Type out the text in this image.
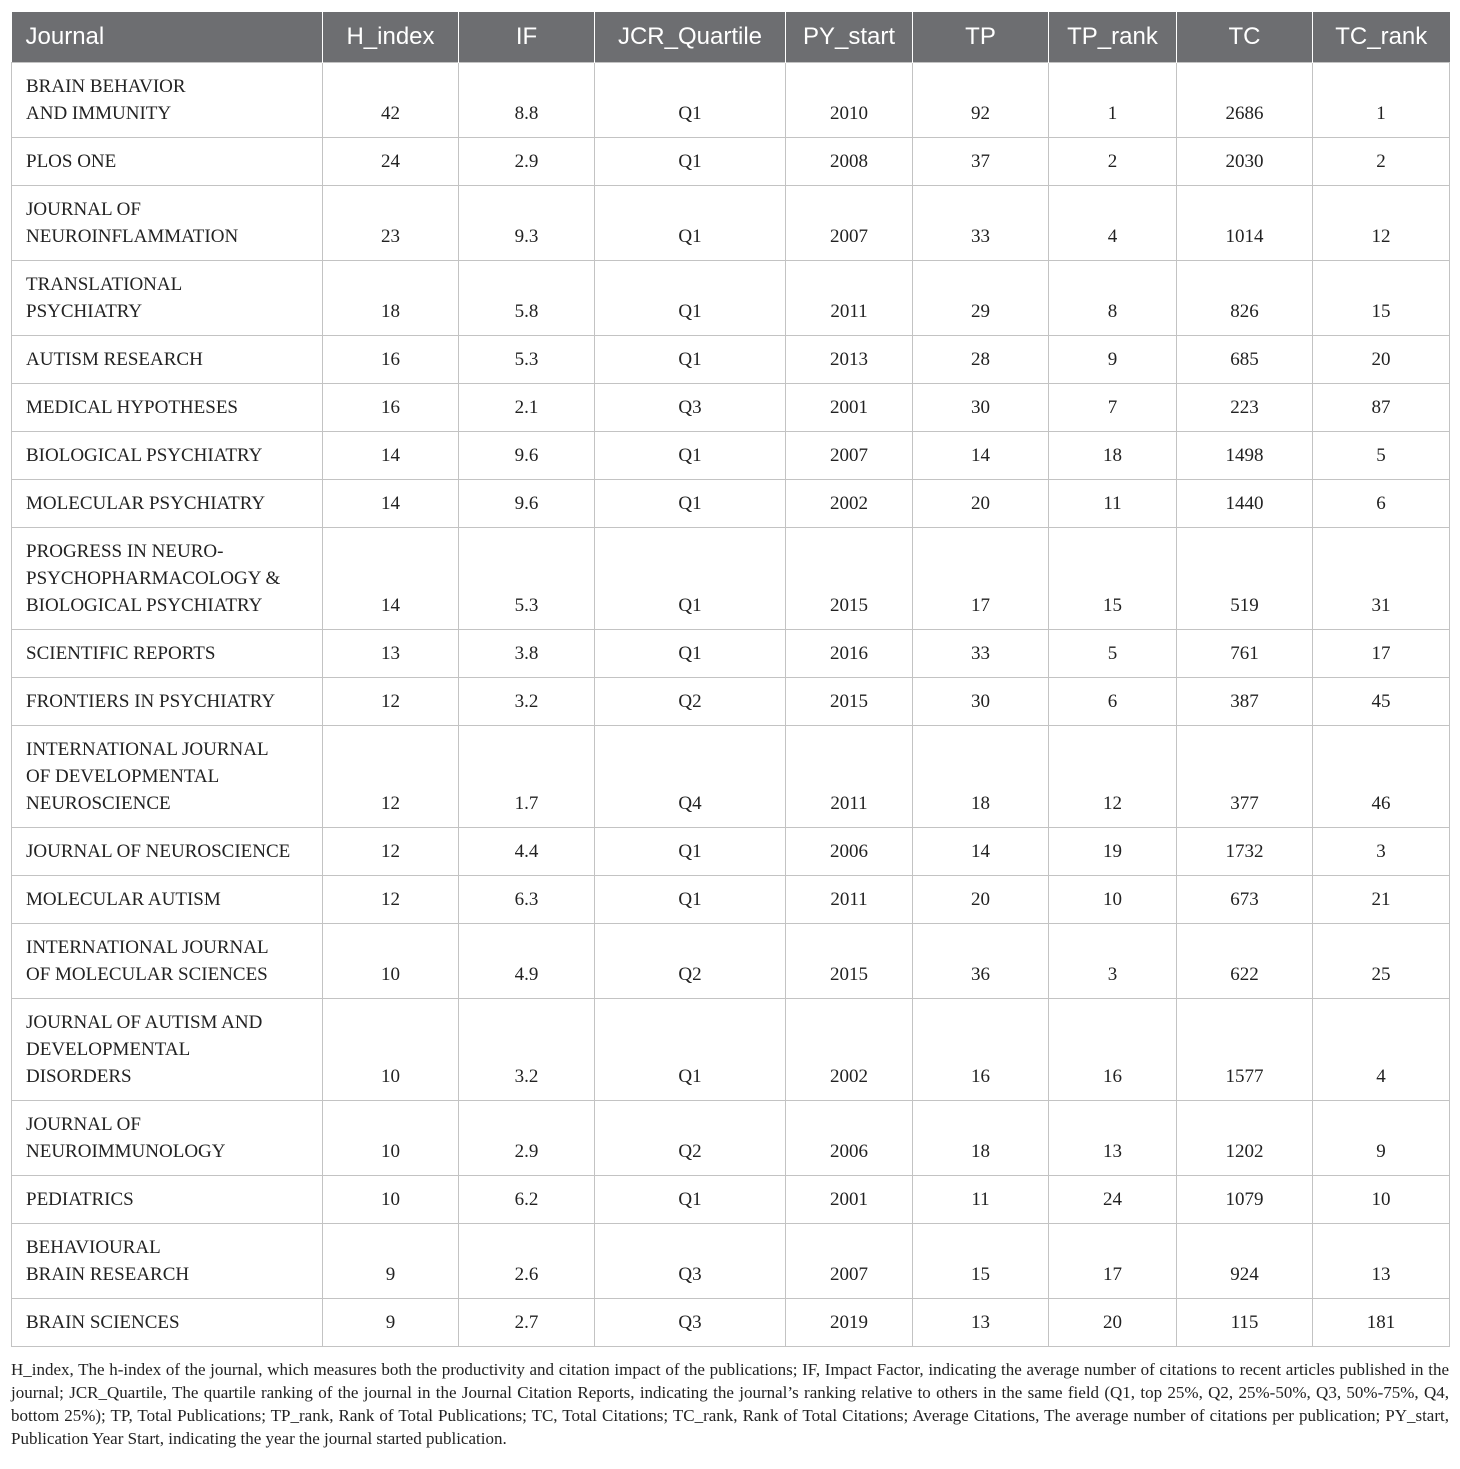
Journal	H_index	IF	JCR_Quartile	PY_start	TP	TP_rank	TC	TC_rank
BRAIN BEHAVIOR
AND IMMUNITY	42	8.8	Q1	2010	92	1	2686	1
PLOS ONE	24	2.9	Q1	2008	37	2	2030	2
JOURNAL OF
NEUROINFLAMMATION	23	9.3	Q1	2007	33	4	1014	12
TRANSLATIONAL
PSYCHIATRY	18	5.8	Q1	2011	29	8	826	15
AUTISM RESEARCH	16	5.3	Q1	2013	28	9	685	20
MEDICAL HYPOTHESES	16	2.1	Q3	2001	30	7	223	87
BIOLOGICAL PSYCHIATRY	14	9.6	Q1	2007	14	18	1498	5
MOLECULAR PSYCHIATRY	14	9.6	Q1	2002	20	11	1440	6
PROGRESS IN NEURO-
PSYCHOPHARMACOLOGY &
BIOLOGICAL PSYCHIATRY	14	5.3	Q1	2015	17	15	519	31
SCIENTIFIC REPORTS	13	3.8	Q1	2016	33	5	761	17
FRONTIERS IN PSYCHIATRY	12	3.2	Q2	2015	30	6	387	45
INTERNATIONAL JOURNAL
OF DEVELOPMENTAL
NEUROSCIENCE	12	1.7	Q4	2011	18	12	377	46
JOURNAL OF NEUROSCIENCE	12	4.4	Q1	2006	14	19	1732	3
MOLECULAR AUTISM	12	6.3	Q1	2011	20	10	673	21
INTERNATIONAL JOURNAL
OF MOLECULAR SCIENCES	10	4.9	Q2	2015	36	3	622	25
JOURNAL OF AUTISM AND
DEVELOPMENTAL
DISORDERS	10	3.2	Q1	2002	16	16	1577	4
JOURNAL OF
NEUROIMMUNOLOGY	10	2.9	Q2	2006	18	13	1202	9
PEDIATRICS	10	6.2	Q1	2001	11	24	1079	10
BEHAVIOURAL
BRAIN RESEARCH	9	2.6	Q3	2007	15	17	924	13
BRAIN SCIENCES	9	2.7	Q3	2019	13	20	115	181
H_index, The h-index of the journal, which measures both the productivity and citation impact of the publications; IF, Impact Factor, indicating the average number of citations to recent articles published in the journal; JCR_Quartile, The quartile ranking of the journal in the Journal Citation Reports, indicating the journal’s ranking relative to others in the same field (Q1, top 25%, Q2, 25%-50%, Q3, 50%-75%, Q4, bottom 25%); TP, Total Publications; TP_rank, Rank of Total Publications; TC, Total Citations; TC_rank, Rank of Total Citations; Average Citations, The average number of citations per publication; PY_start, Publication Year Start, indicating the year the journal started publication.
